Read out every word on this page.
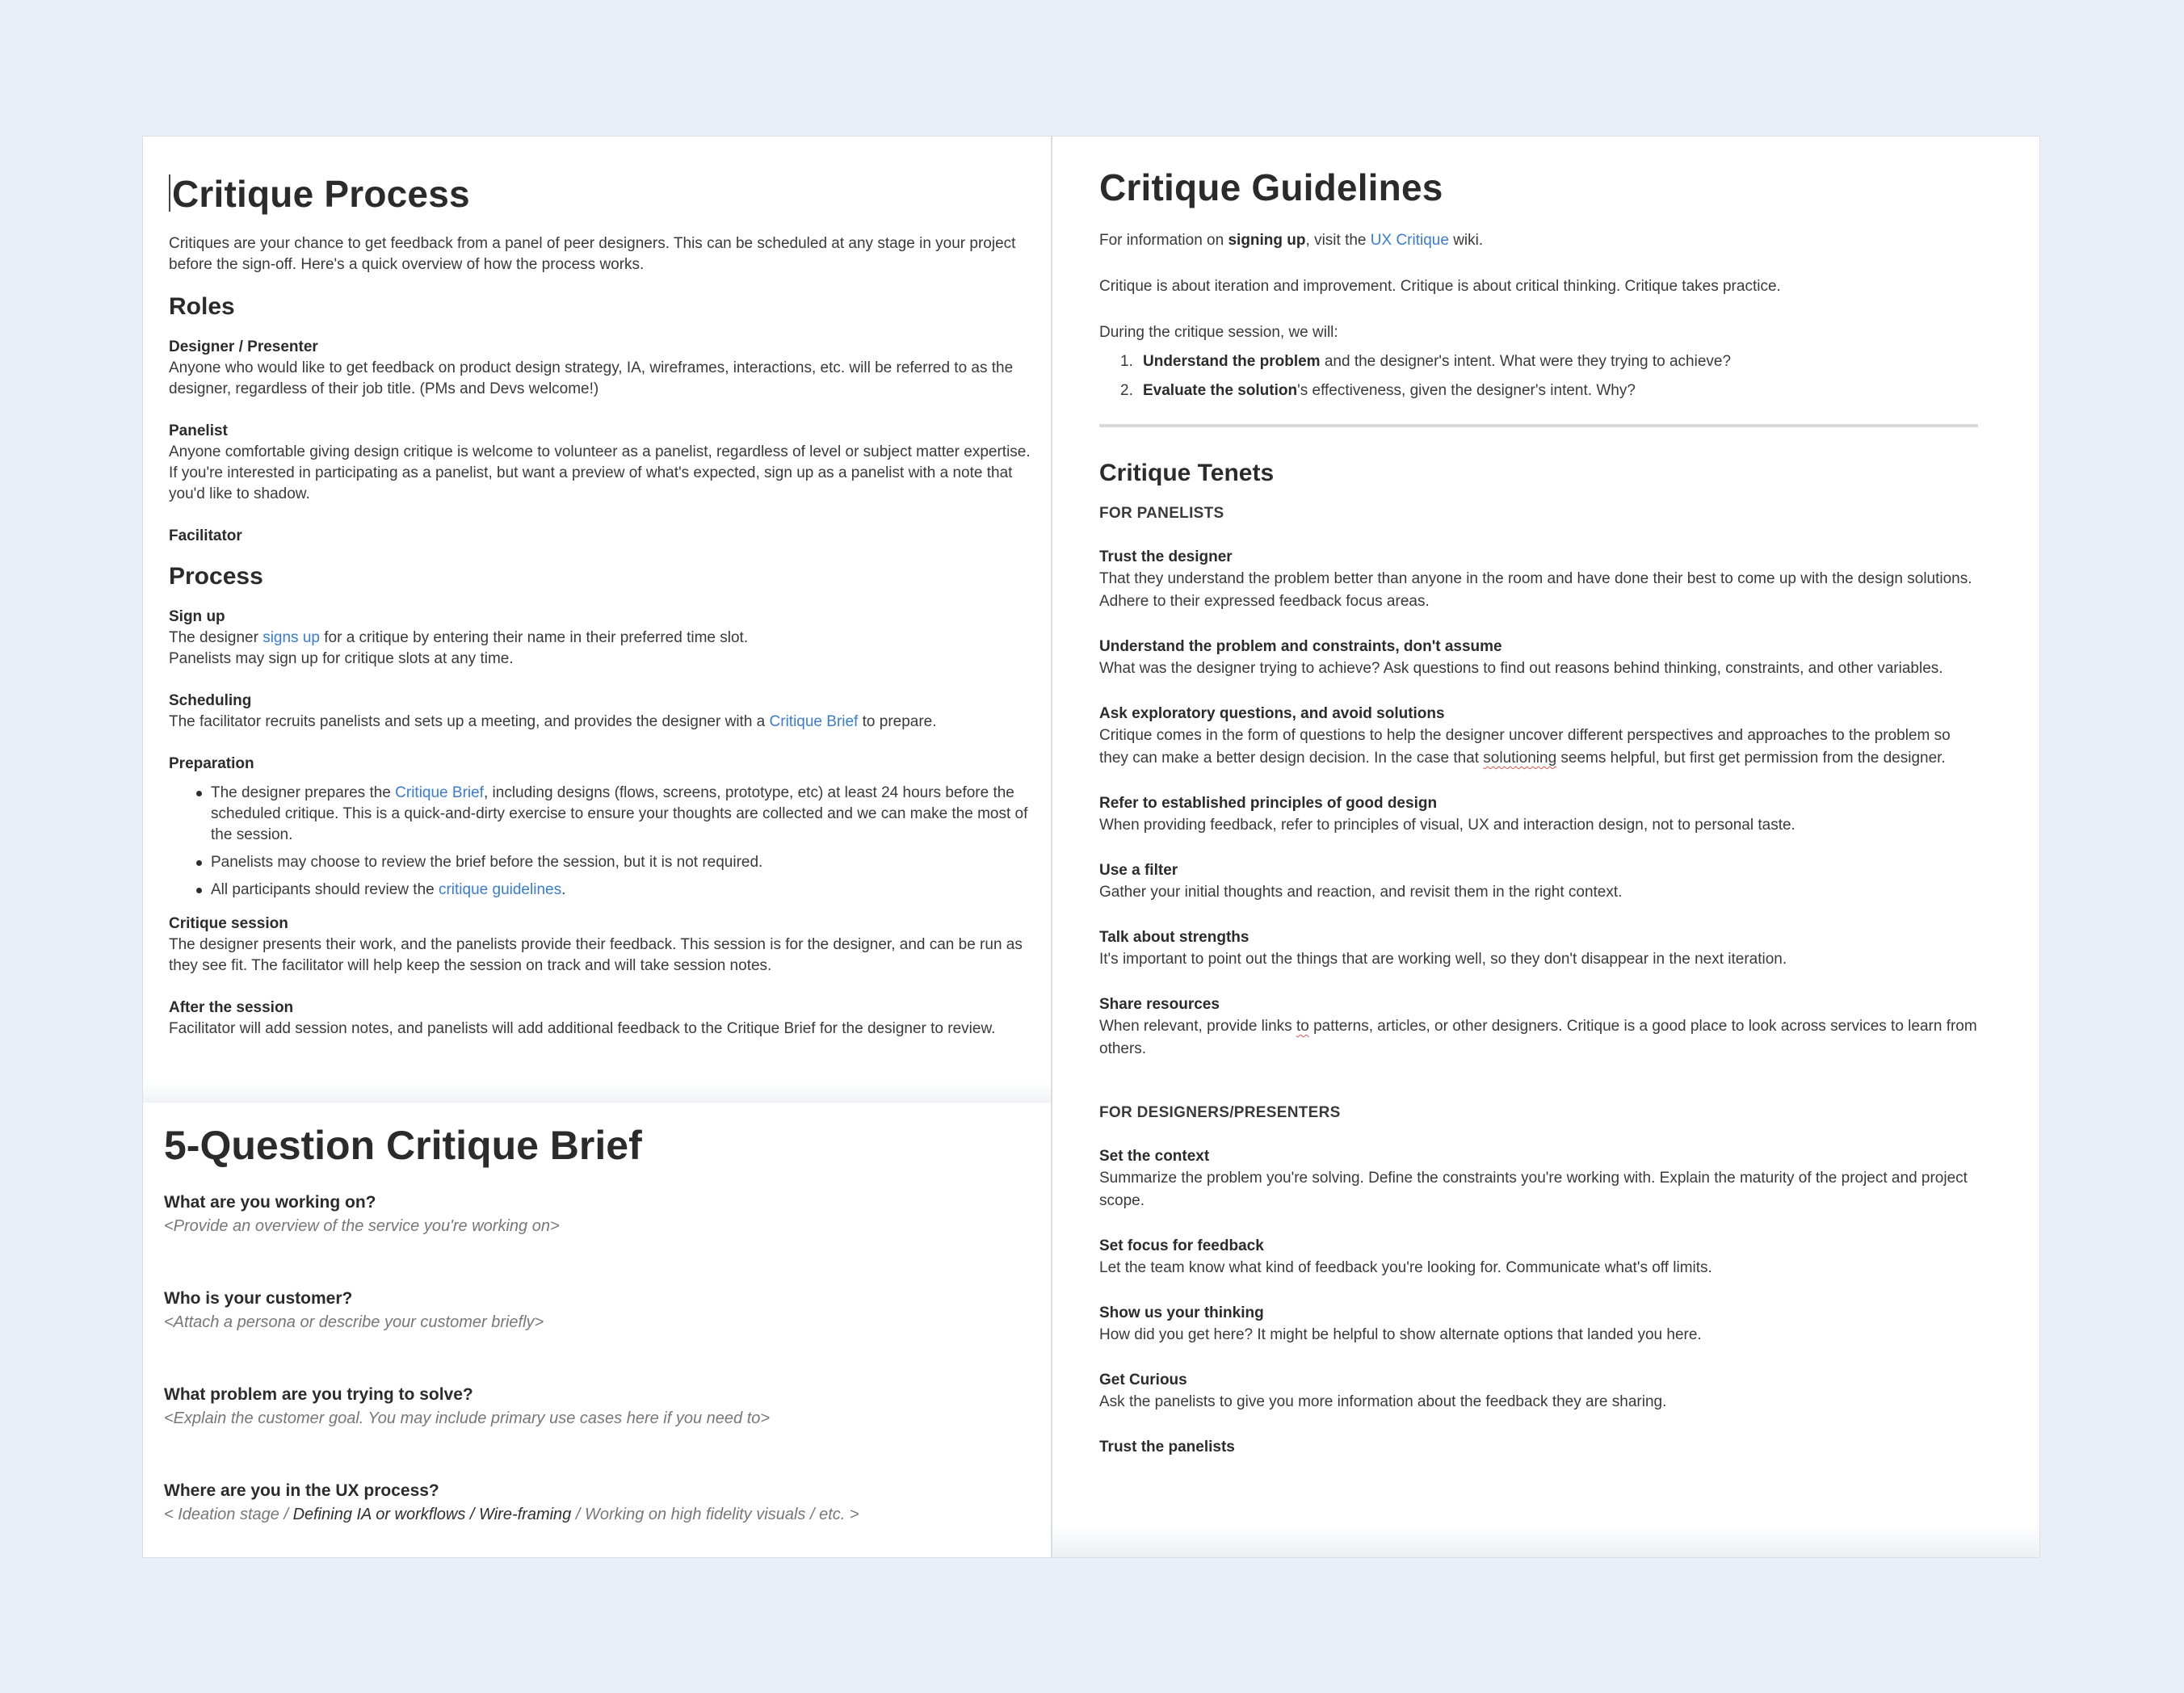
Critique Process
Critiques are your chance to get feedback from a panel of peer designers. This can be scheduled at any stage in your project before the sign-off. Here's a quick overview of how the process works.
Roles
Designer / Presenter
Anyone who would like to get feedback on product design strategy, IA, wireframes, interactions, etc. will be referred to as the designer, regardless of their job title. (PMs and Devs welcome!)
Panelist
Anyone comfortable giving design critique is welcome to volunteer as a panelist, regardless of level or subject matter expertise. If you're interested in participating as a panelist, but want a preview of what's expected, sign up as a panelist with a note that you'd like to shadow.
Facilitator
Process
Sign up
The designer signs up for a critique by entering their name in their preferred time slot.
Panelists may sign up for critique slots at any time.
Scheduling
The facilitator recruits panelists and sets up a meeting, and provides the designer with a Critique Brief to prepare.
Preparation
The designer prepares the Critique Brief, including designs (flows, screens, prototype, etc) at least 24 hours before the scheduled critique. This is a quick-and-dirty exercise to ensure your thoughts are collected and we can make the most of the session.
Panelists may choose to review the brief before the session, but it is not required.
All participants should review the critique guidelines.
Critique session
The designer presents their work, and the panelists provide their feedback. This session is for the designer, and can be run as they see fit. The facilitator will help keep the session on track and will take session notes.
After the session
Facilitator will add session notes, and panelists will add additional feedback to the Critique Brief for the designer to review.
5-Question Critique Brief
What are you working on?
<Provide an overview of the service you're working on>
Who is your customer?
<Attach a persona or describe your customer briefly>
What problem are you trying to solve?
<Explain the customer goal. You may include primary use cases here if you need to>
Where are you in the UX process?
< Ideation stage / Defining IA or workflows / Wire-framing / Working on high fidelity visuals / etc. >
Critique Guidelines
For information on signing up, visit the UX Critique wiki.
Critique is about iteration and improvement. Critique is about critical thinking. Critique takes practice.
During the critique session, we will:
1. Understand the problem and the designer's intent. What were they trying to achieve?
2. Evaluate the solution's effectiveness, given the designer's intent. Why?
Critique Tenets
FOR PANELISTS
Trust the designer
That they understand the problem better than anyone in the room and have done their best to come up with the design solutions. Adhere to their expressed feedback focus areas.
Understand the problem and constraints, don't assume
What was the designer trying to achieve? Ask questions to find out reasons behind thinking, constraints, and other variables.
Ask exploratory questions, and avoid solutions
Critique comes in the form of questions to help the designer uncover different perspectives and approaches to the problem so they can make a better design decision. In the case that solutioning seems helpful, but first get permission from the designer.
Refer to established principles of good design
When providing feedback, refer to principles of visual, UX and interaction design, not to personal taste.
Use a filter
Gather your initial thoughts and reaction, and revisit them in the right context.
Talk about strengths
It's important to point out the things that are working well, so they don't disappear in the next iteration.
Share resources
When relevant, provide links to patterns, articles, or other designers. Critique is a good place to look across services to learn from others.
FOR DESIGNERS/PRESENTERS
Set the context
Summarize the problem you're solving. Define the constraints you're working with. Explain the maturity of the project and project scope.
Set focus for feedback
Let the team know what kind of feedback you're looking for. Communicate what's off limits.
Show us your thinking
How did you get here? It might be helpful to show alternate options that landed you here.
Get Curious
Ask the panelists to give you more information about the feedback they are sharing.
Trust the panelists
